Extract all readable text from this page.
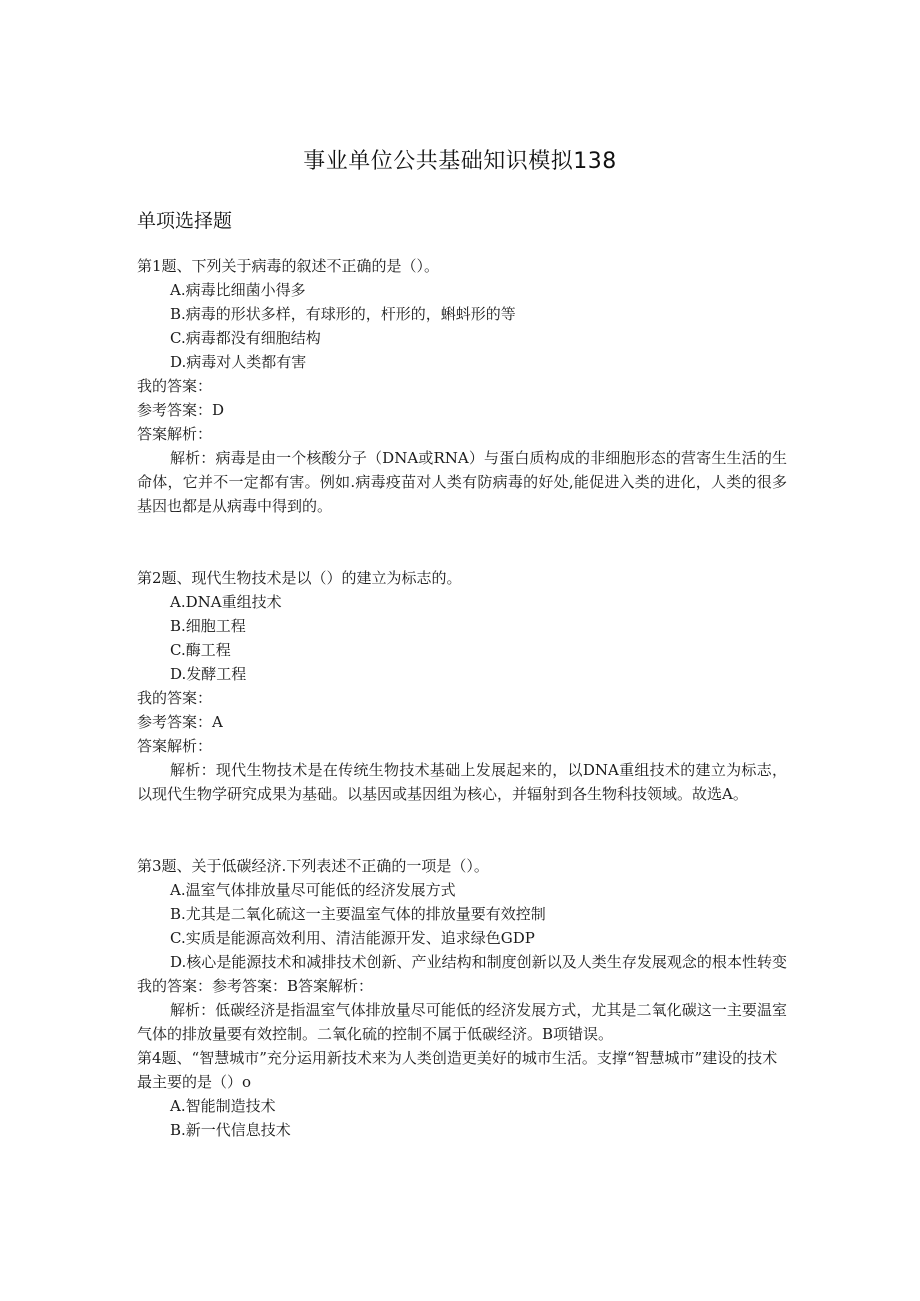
事业单位公共基础知识模拟138
单项选择题

第1题、下列关于病毒的叙述不正确的是（）。

A.病毒比细菌小得多

B.病毒的形状多样，有球形的，杆形的，蝌蚪形的等

C.病毒都没有细胞结构

D.病毒对人类都有害

我的答案：

参考答案：D

答案解析：

解析：病毒是由一个核酸分子（DNA或RNA）与蛋白质构成的非细胞形态的营寄生生活的生命体，它并不一定都有害。例如.病毒疫苗对人类有防病毒的好处,能促进入类的进化，人类的很多基因也都是从病毒中得到的。

第2题、现代生物技术是以（）的建立为标志的。

A.DNA重组技术

B.细胞工程

C.酶工程

D.发酵工程

我的答案：

参考答案：A

答案解析：

解析：现代生物技术是在传统生物技术基础上发展起来的，以DNA重组技术的建立为标志，以现代生物学研究成果为基础。以基因或基因组为核心，并辐射到各生物科技领域。故选A。

第3题、关于低碳经济.下列表述不正确的一项是（）。

A.温室气体排放量尽可能低的经济发展方式

B.尤其是二氧化硫这一主要温室气体的排放量要有效控制

C.实质是能源高效利用、清洁能源开发、追求绿色GDP

D.核心是能源技术和减排技术创新、产业结构和制度创新以及人类生存发展观念的根本性转变我的答案：参考答案：B答案解析：

解析：低碳经济是指温室气体排放量尽可能低的经济发展方式，尤其是二氧化碳这一主要温室气体的排放量要有效控制。二氧化硫的控制不属于低碳经济。B项错误。

第4题、“智慧城市”充分运用新技术来为人类创造更美好的城市生活。支撑“智慧城市”建设的技术最主要的是（）o

A.智能制造技术

B.新一代信息技术
